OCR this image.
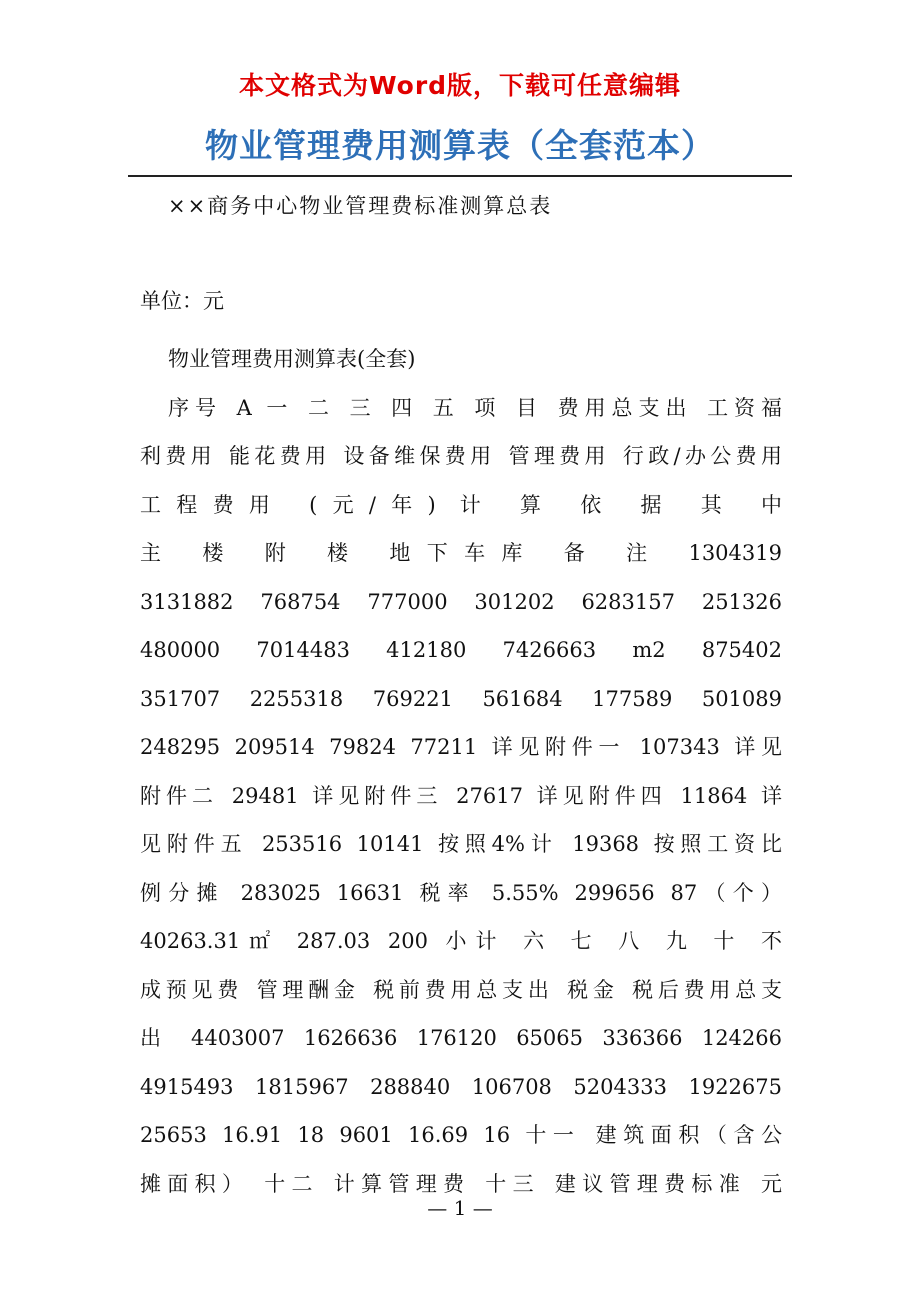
本文格式为Word版，下载可任意编辑
物业管理费用测算表（全套范本）
××商务中心物业管理费标准测算总表
单位：元
物业管理费用测算表(全套)
序号 A 一 二 三 四 五 项 目 费用总支出 工资福
利费用 能花费用 设备维保费用 管理费用 行政/办公费用
工程费用 (元/年) 计 算 依 据 其 中
主 楼 附 楼 地下车库 备 注 1304319
3131882 768754 777000 301202 6283157 251326
480000 7014483 412180 7426663 m2 875402
351707 2255318 769221 561684 177589 501089
248295 209514 79824 77211 详见附件一 107343 详见
附件二 29481 详见附件三 27617 详见附件四 11864 详
见附件五 253516 10141 按照4%计 19368 按照工资比
例分摊 283025 16631 税率 5.55% 299656 87（个）
40263.31㎡ 287.03 200 小计 六 七 八 九 十 不
成预见费 管理酬金 税前费用总支出 税金 税后费用总支
出 4403007 1626636 176120 65065 336366 124266
4915493 1815967 288840 106708 5204333 1922675
25653 16.91 18 9601 16.69 16 十一 建筑面积（含公
摊面积） 十二 计算管理费 十三 建议管理费标准 元
— 1 —
